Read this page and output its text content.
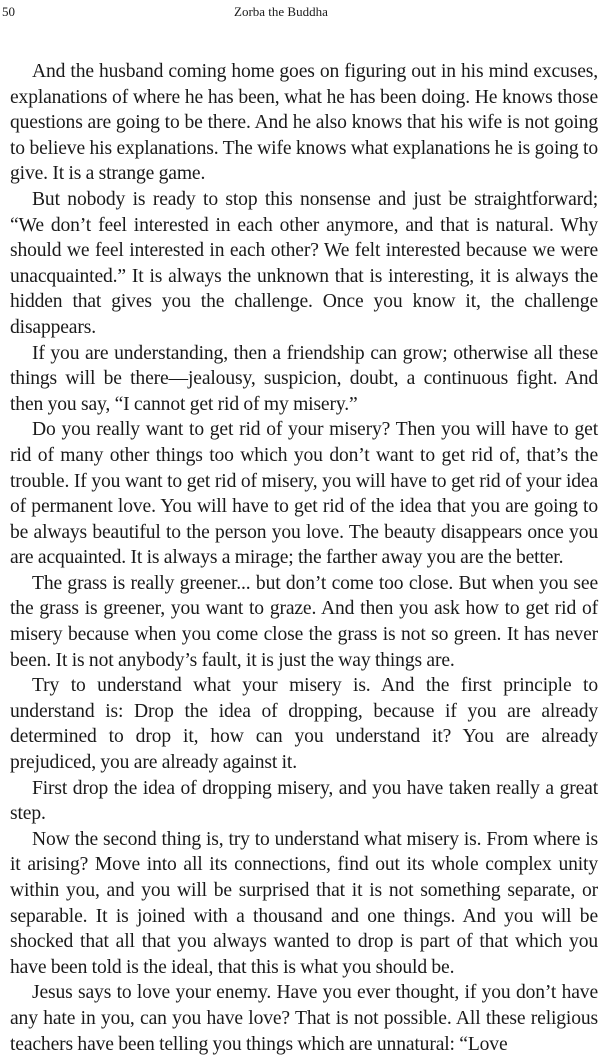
50	Zorba the Buddha

And the husband coming home goes on figuring out in his mind excuses, explanations of where he has been, what he has been doing. He knows those questions are going to be there. And he also knows that his wife is not going to believe his explanations. The wife knows what explanations he is going to give. It is a strange game.

But nobody is ready to stop this nonsense and just be straightforward; “We don’t feel interested in each other anymore, and that is natural. Why should we feel interested in each other? We felt interested because we were unacquainted.” It is always the unknown that is interesting, it is always the hidden that gives you the challenge. Once you know it, the challenge disappears.

If you are understanding, then a friendship can grow; otherwise all these things will be there—jealousy, suspicion, doubt, a continuous fight. And then you say, “I cannot get rid of my misery.”

Do you really want to get rid of your misery? Then you will have to get rid of many other things too which you don’t want to get rid of, that’s the trouble. If you want to get rid of misery, you will have to get rid of your idea of permanent love. You will have to get rid of the idea that you are going to be always beautiful to the person you love. The beauty disappears once you are acquainted. It is always a mirage; the farther away you are the better.

The grass is really greener... but don’t come too close. But when you see the grass is greener, you want to graze. And then you ask how to get rid of misery because when you come close the grass is not so green. It has never been. It is not anybody’s fault, it is just the way things are.

Try to understand what your misery is. And the first principle to understand is: Drop the idea of dropping, because if you are already determined to drop it, how can you understand it? You are already prejudiced, you are already against it.

First drop the idea of dropping misery, and you have taken really a great step.

Now the second thing is, try to understand what misery is. From where is it arising? Move into all its connections, find out its whole complex unity within you, and you will be surprised that it is not something separate, or separable. It is joined with a thousand and one things. And you will be shocked that all that you always wanted to drop is part of that which you have been told is the ideal, that this is what you should be.

Jesus says to love your enemy. Have you ever thought, if you don’t have any hate in you, can you have love? That is not possible. All these religious teachers have been telling you things which are unnatural: “Love
